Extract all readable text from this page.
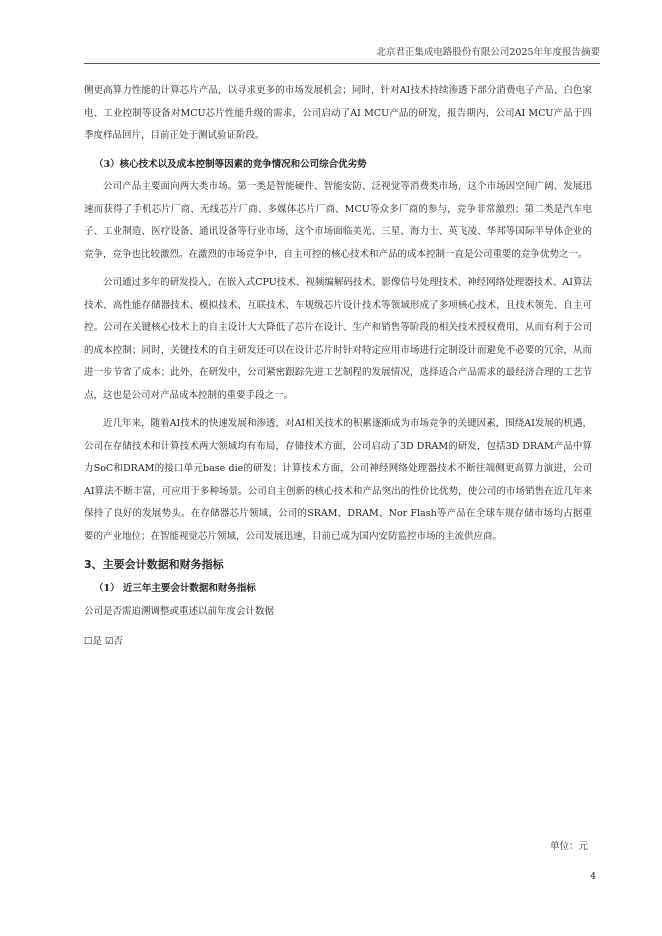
北京君正集成电路股份有限公司2025年年度报告摘要

侧更高算力性能的计算芯片产品，以寻求更多的市场发展机会；同时，针对AI技术持续渗透下部分消费电子产品、白色家电、工业控制等设备对MCU芯片性能升级的需求，公司启动了AI MCU产品的研发，报告期内，公司AI MCU产品于四季度样品回片，目前正处于测试验证阶段。

（3）核心技术以及成本控制等因素的竞争情况和公司综合优劣势

公司产品主要面向两大类市场。第一类是智能硬件、智能安防、泛视觉等消费类市场，这个市场因空间广阔、发展迅速而获得了手机芯片厂商、无线芯片厂商、多媒体芯片厂商、MCU等众多厂商的参与，竞争非常激烈；第二类是汽车电子、工业制造、医疗设备、通讯设备等行业市场，这个市场面临美光、三星、海力士、英飞凌、华邦等国际半导体企业的竞争，竞争也比较激烈。在激烈的市场竞争中，自主可控的核心技术和产品的成本控制一直是公司重要的竞争优势之一。

公司通过多年的研发投入，在嵌入式CPU技术、视频编解码技术、影像信号处理技术、神经网络处理器技术、AI算法技术、高性能存储器技术、模拟技术、互联技术、车规级芯片设计技术等领域形成了多项核心技术，且技术领先、自主可控。公司在关键核心技术上的自主设计大大降低了芯片在设计、生产和销售等阶段的相关技术授权费用，从而有利于公司的成本控制；同时，关键技术的自主研发还可以在设计芯片时针对特定应用市场进行定制设计而避免不必要的冗余，从而进一步节省了成本；此外，在研发中，公司紧密跟踪先进工艺制程的发展情况，选择适合产品需求的最经济合理的工艺节点，这也是公司对产品成本控制的重要手段之一。

近几年来，随着AI技术的快速发展和渗透，对AI相关技术的积累逐渐成为市场竞争的关键因素，围绕AI发展的机遇，公司在存储技术和计算技术两大领域均有布局，存储技术方面，公司启动了3D DRAM的研发，包括3D DRAM产品中算力SoC和DRAM的接口单元base die的研发；计算技术方面，公司神经网络处理器技术不断往端侧更高算力演进，公司AI算法不断丰富，可应用于多种场景。公司自主创新的核心技术和产品突出的性价比优势，使公司的市场销售在近几年来保持了良好的发展势头。在存储器芯片领域，公司的SRAM、DRAM、Nor Flash等产品在全球车规存储市场均占据重要的产业地位；在智能视觉芯片领域，公司发展迅速，目前已成为国内安防监控市场的主流供应商。

3、主要会计数据和财务指标

（1） 近三年主要会计数据和财务指标

公司是否需追溯调整或重述以前年度会计数据

☐是 ☑否

单位：元
4
